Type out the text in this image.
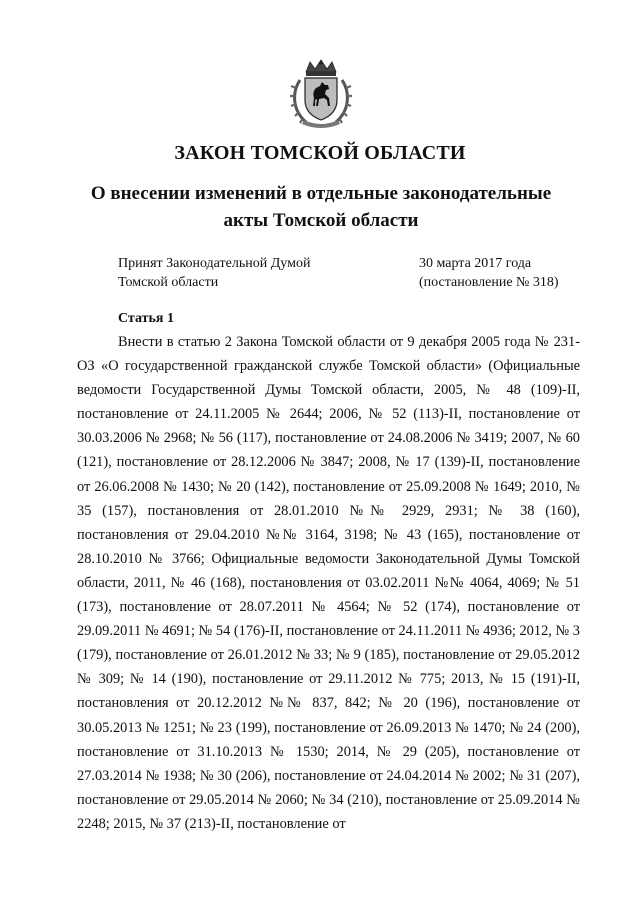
ЗАКОН ТОМСКОЙ ОБЛАСТИ
О внесении изменений в отдельные законодательные
акты Томской области
Принят Законодательной Думой
Томской области
30 марта 2017 года
(постановление № 318)
Статья 1

Внести в статью 2 Закона Томской области от 9 декабря 2005 года № 231-ОЗ «О государственной гражданской службе Томской области» (Официальные ведомости Государственной Думы Томской области, 2005, № 48 (109)-II, постановление от 24.11.2005 № 2644; 2006, № 52 (113)-II, постановление от 30.03.2006 № 2968; № 56 (117), постановление от 24.08.2006 № 3419; 2007, № 60 (121), постановление от 28.12.2006 № 3847; 2008, № 17 (139)-II, постановление от 26.06.2008 № 1430; № 20 (142), постановление от 25.09.2008 № 1649; 2010, № 35 (157), постановления от 28.01.2010 №№ 2929, 2931; № 38 (160), постановления от 29.04.2010 №№ 3164, 3198; № 43 (165), постановление от 28.10.2010 № 3766; Официальные ведомости Законодательной Думы Томской области, 2011, № 46 (168), постановления от 03.02.2011 №№ 4064, 4069; № 51 (173), постановление от 28.07.2011 № 4564; № 52 (174), постановление от 29.09.2011 № 4691; № 54 (176)-II, постановление от 24.11.2011 № 4936; 2012, № 3 (179), постановление от 26.01.2012 № 33; № 9 (185), постановление от 29.05.2012 № 309; № 14 (190), постановление от 29.11.2012 № 775; 2013, № 15 (191)-II, постановления от 20.12.2012 №№ 837, 842; № 20 (196), постановление от 30.05.2013 № 1251; № 23 (199), постановление от 26.09.2013 № 1470; № 24 (200), постановление от 31.10.2013 № 1530; 2014, № 29 (205), постановление от 27.03.2014 № 1938; № 30 (206), постановление от 24.04.2014 № 2002; № 31 (207), постановление от 29.05.2014 № 2060; № 34 (210), постановление от 25.09.2014 № 2248; 2015, № 37 (213)-II, постановление от
